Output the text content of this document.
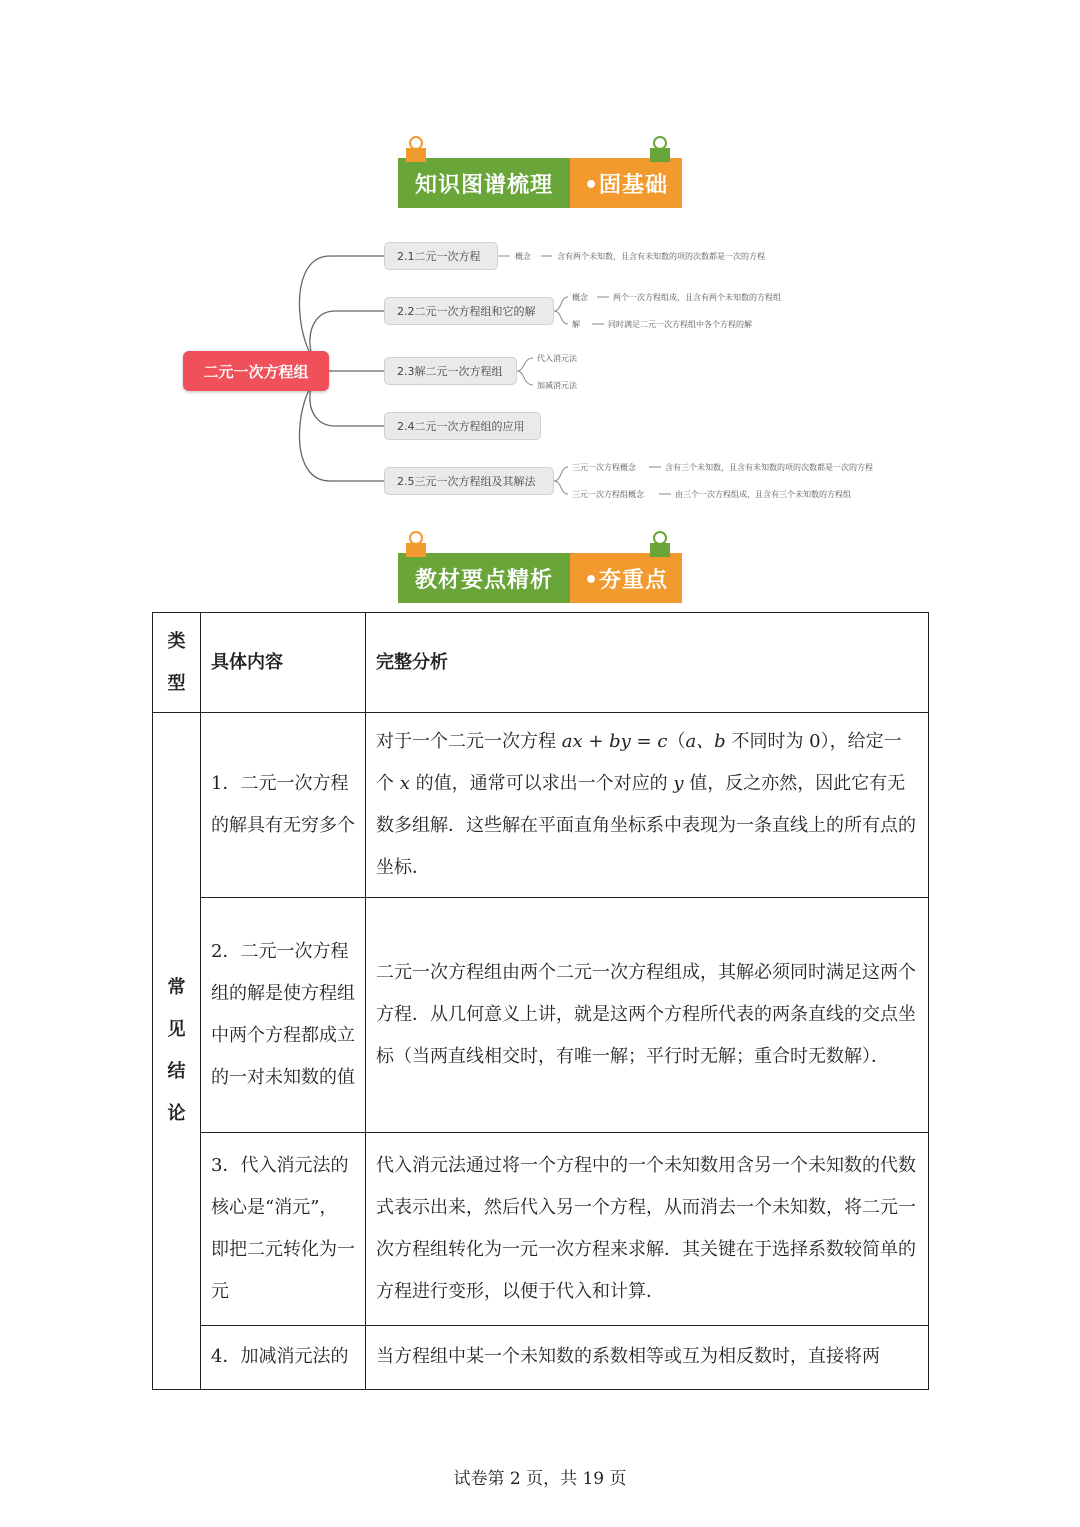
知识图谱梳理	•固基础
二元一次方程组
2.1二元一次方程
2.2二元一次方程组和它的解
2.3解二元一次方程组
2.4二元一次方程组的应用
2.5三元一次方程组及其解法
概念	含有两个未知数，且含有未知数的项的次数都是一次的方程
概念	两个一次方程组成，且含有两个未知数的方程组
解	同时满足二元一次方程组中各个方程的解
代入消元法
加减消元法
三元一次方程概念	含有三个未知数，且含有未知数的项的次数都是一次的方程
三元一次方程组概念	由三个一次方程组成，且含有三个未知数的方程组
教材要点精析	•夯重点
类型	具体内容	完整分析

常见结论	1．二元一次方程的解具有无穷多个	对于一个二元一次方程 ax + by = c（a、b 不同时为 0），给定一个 x 的值，通常可以求出一个对应的 y 值，反之亦然，因此它有无数多组解．这些解在平面直角坐标系中表现为一条直线上的所有点的坐标．
	2．二元一次方程组的解是使方程组中两个方程都成立的一对未知数的值	二元一次方程组由两个二元一次方程组成，其解必须同时满足这两个方程．从几何意义上讲，就是这两个方程所代表的两条直线的交点坐标（当两直线相交时，有唯一解；平行时无解；重合时无数解）．
	3．代入消元法的核心是“消元”，即把二元转化为一元	代入消元法通过将一个方程中的一个未知数用含另一个未知数的代数式表示出来，然后代入另一个方程，从而消去一个未知数，将二元一次方程组转化为一元一次方程来求解．其关键在于选择系数较简单的方程进行变形，以便于代入和计算．
	4．加减消元法的	当方程组中某一个未知数的系数相等或互为相反数时，直接将两
试卷第 2 页，共 19 页
